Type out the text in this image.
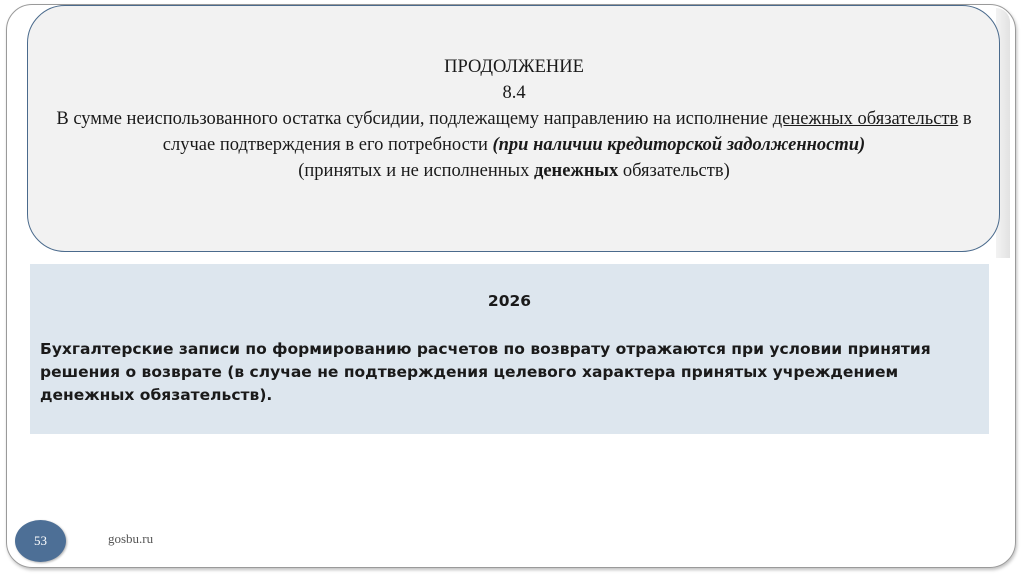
ПРОДОЛЖЕНИЕ
8.4
В сумме неиспользованного остатка субсидии, подлежащему направлению на исполнение денежных обязательств в случае подтверждения в его потребности (при наличии кредиторской задолженности)
(принятых и не исполненных денежных обязательств)
2026
Бухгалтерские записи по формированию расчетов по возврату отражаются при условии принятия решения о возврате (в случае не подтверждения целевого характера принятых учреждением денежных обязательств).
53	gosbu.ru
